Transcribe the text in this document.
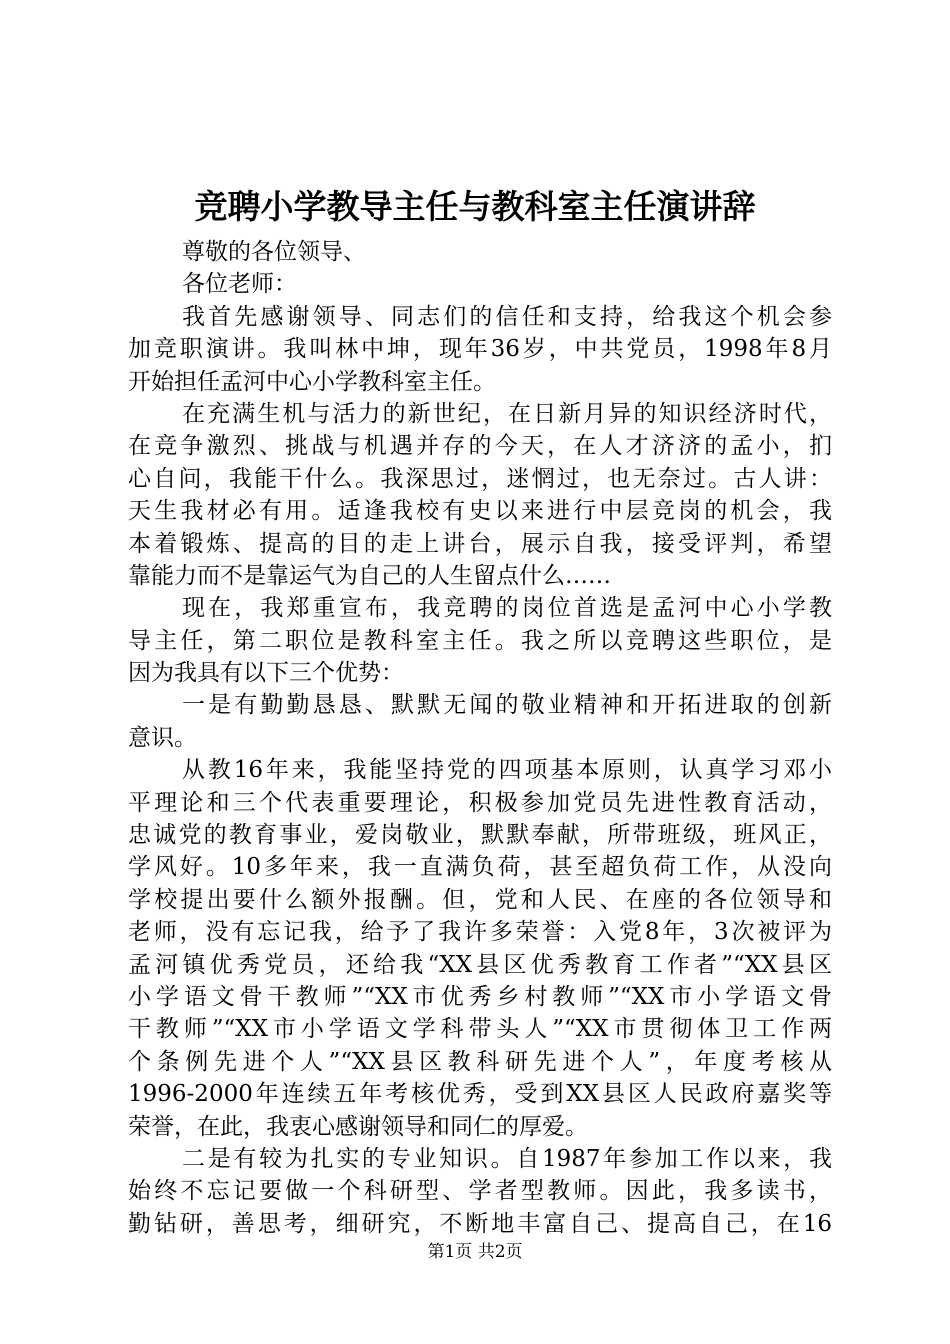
竞聘小学教导主任与教科室主任演讲辞
尊敬的各位领导、
各位老师：
我首先感谢领导、同志们的信任和支持，给我这个机会参
加竞职演讲。我叫林中坤，现年36岁，中共党员，1998年8月
开始担任孟河中心小学教科室主任。
在充满生机与活力的新世纪，在日新月异的知识经济时代，
在竞争激烈、挑战与机遇并存的今天，在人才济济的孟小，扪
心自问，我能干什么。我深思过，迷惘过，也无奈过。古人讲：
天生我材必有用。适逢我校有史以来进行中层竞岗的机会，我
本着锻炼、提高的目的走上讲台，展示自我，接受评判，希望
靠能力而不是靠运气为自己的人生留点什么……
现在，我郑重宣布，我竞聘的岗位首选是孟河中心小学教
导主任，第二职位是教科室主任。我之所以竞聘这些职位，是
因为我具有以下三个优势：
一是有勤勤恳恳、默默无闻的敬业精神和开拓进取的创新
意识。
从教16年来，我能坚持党的四项基本原则，认真学习邓小
平理论和三个代表重要理论，积极参加党员先进性教育活动，
忠诚党的教育事业，爱岗敬业，默默奉献，所带班级，班风正，
学风好。10多年来，我一直满负荷，甚至超负荷工作，从没向
学校提出要什么额外报酬。但，党和人民、在座的各位领导和
老师，没有忘记我，给予了我许多荣誉：入党8年，3次被评为
孟河镇优秀党员，还给我“XX县区优秀教育工作者”“XX县区
小学语文骨干教师”“XX市优秀乡村教师”“XX市小学语文骨
干教师”“XX市小学语文学科带头人”“XX市贯彻体卫工作两
个条例先进个人”“XX县区教科研先进个人”，年度考核从
1996-2000年连续五年考核优秀，受到XX县区人民政府嘉奖等
荣誉，在此，我衷心感谢领导和同仁的厚爱。
二是有较为扎实的专业知识。自1987年参加工作以来，我
始终不忘记要做一个科研型、学者型教师。因此，我多读书，
勤钻研，善思考，细研究，不断地丰富自己、提高自己，在16
第1页 共2页
